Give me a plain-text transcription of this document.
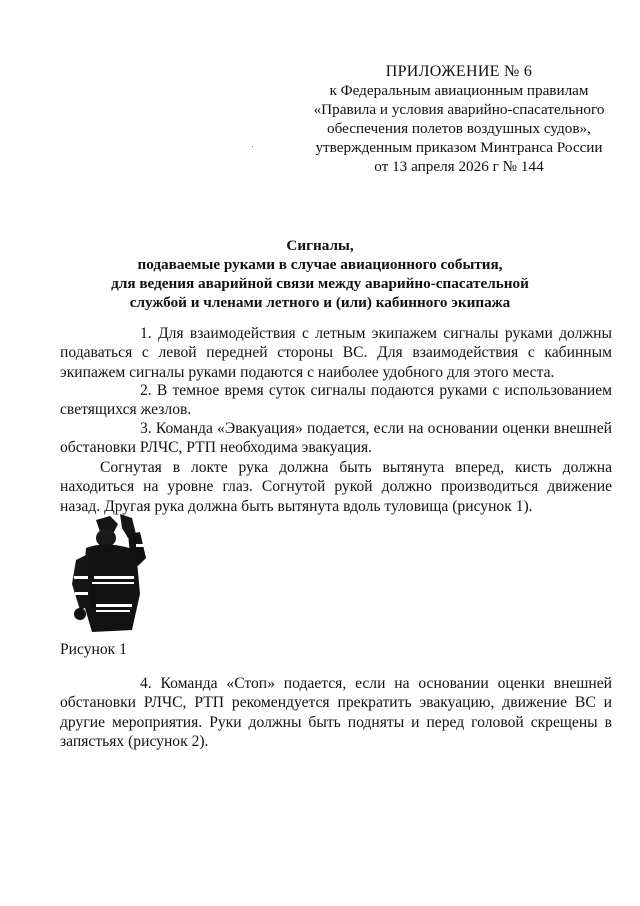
ПРИЛОЖЕНИЕ № 6
к Федеральным авиационным правилам
«Правила и условия аварийно-спасательного
обеспечения полетов воздушных судов»,
утвержденным приказом Минтранса России
от 13 апреля 2026 г № 144
Сигналы,
подаваемые руками в случае авиационного события,
для ведения аварийной связи между аварийно-спасательной
службой и членами летного и (или) кабинного экипажа
1. Для взаимодействия с летным экипажем сигналы руками должны подаваться с левой передней стороны ВС. Для взаимодействия с кабинным экипажем сигналы руками подаются с наиболее удобного для этого места.
2. В темное время суток сигналы подаются руками с использованием светящихся жезлов.
3. Команда «Эвакуация» подается, если на основании оценки внешней обстановки РЛЧС, РТП необходима эвакуация.
Согнутая в локте рука должна быть вытянута вперед, кисть должна находиться на уровне глаз. Согнутой рукой должно производиться движение назад. Другая рука должна быть вытянута вдоль туловища (рисунок 1).
Рисунок 1
4. Команда «Стоп» подается, если на основании оценки внешней обстановки РЛЧС, РТП рекомендуется прекратить эвакуацию, движение ВС и другие мероприятия. Руки должны быть подняты и перед головой скрещены в запястьях (рисунок 2).
